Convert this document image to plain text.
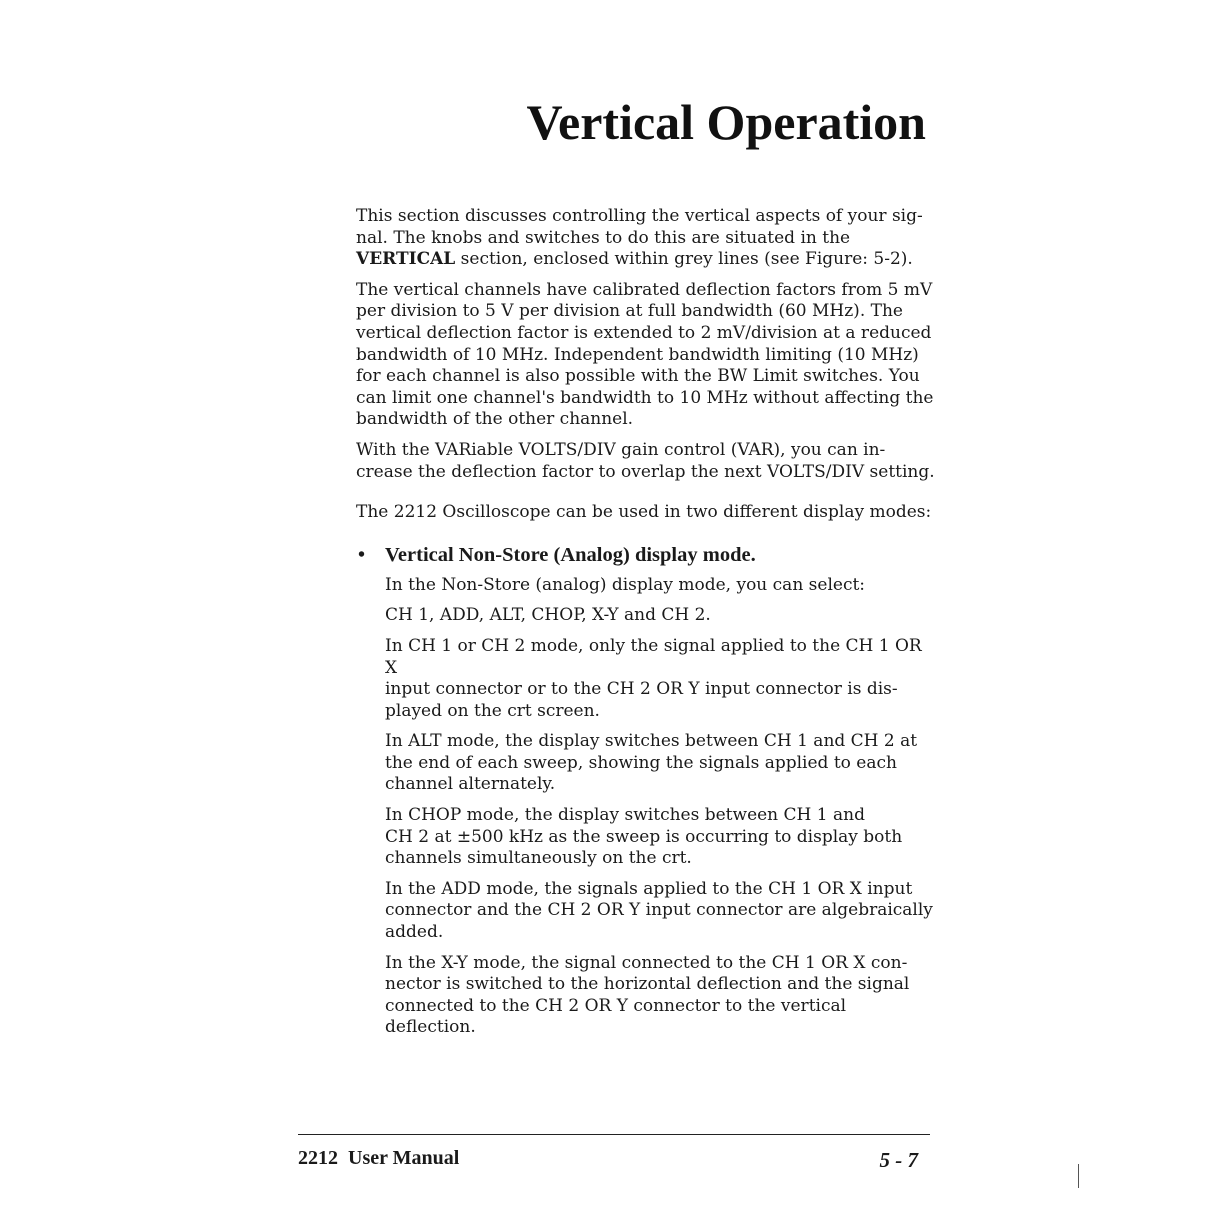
Vertical Operation
This section discusses controlling the vertical aspects of your sig-
nal. The knobs and switches to do this are situated in the
VERTICAL section, enclosed within grey lines (see Figure: 5-2).
The vertical channels have calibrated deflection factors from 5 mV
per division to 5 V per division at full bandwidth (60 MHz). The
vertical deflection factor is extended to 2 mV/division at a reduced
bandwidth of 10 MHz. Independent bandwidth limiting (10 MHz)
for each channel is also possible with the BW Limit switches. You
can limit one channel's bandwidth to 10 MHz without affecting the
bandwidth of the other channel.
With the VARiable VOLTS/DIV gain control (VAR), you can in-
crease the deflection factor to overlap the next VOLTS/DIV setting.
The 2212 Oscilloscope can be used in two different display modes:
• Vertical Non-Store (Analog) display mode.
In the Non-Store (analog) display mode, you can select:
CH 1, ADD, ALT, CHOP, X-Y and CH 2.
In CH 1 or CH 2 mode, only the signal applied to the CH 1 OR X
input connector or to the CH 2 OR Y input connector is dis-
played on the crt screen.
In ALT mode, the display switches between CH 1 and CH 2 at
the end of each sweep, showing the signals applied to each
channel alternately.
In CHOP mode, the display switches between CH 1 and
CH 2 at ±500 kHz as the sweep is occurring to display both
channels simultaneously on the crt.
In the ADD mode, the signals applied to the CH 1 OR X input
connector and the CH 2 OR Y input connector are algebraically
added.
In the X-Y mode, the signal connected to the CH 1 OR X con-
nector is switched to the horizontal deflection and the signal
connected to the CH 2 OR Y connector to the vertical deflection.
2212  User Manual	5 - 7
